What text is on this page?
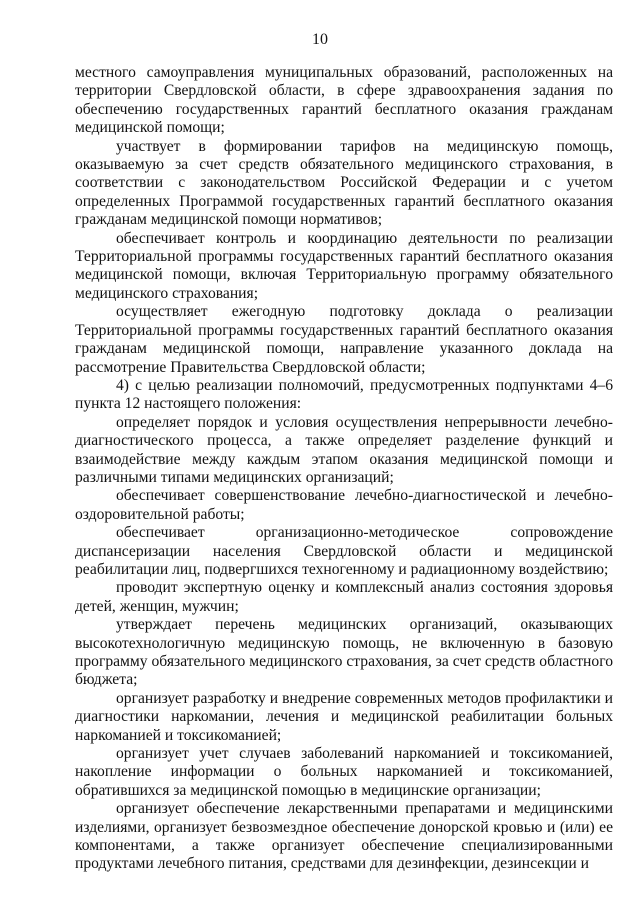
10

местного самоуправления муниципальных образований, расположенных на территории Свердловской области, в сфере здравоохранения задания по обеспечению государственных гарантий бесплатного оказания гражданам медицинской помощи;

участвует в формировании тарифов на медицинскую помощь, оказываемую за счет средств обязательного медицинского страхования, в соответствии с законодательством Российской Федерации и с учетом определенных Программой государственных гарантий бесплатного оказания гражданам медицинской помощи нормативов;

обеспечивает контроль и координацию деятельности по реализации Территориальной программы государственных гарантий бесплатного оказания медицинской помощи, включая Территориальную программу обязательного медицинского страхования;

осуществляет ежегодную подготовку доклада о реализации Территориальной программы государственных гарантий бесплатного оказания гражданам медицинской помощи, направление указанного доклада на рассмотрение Правительства Свердловской области;

4) с целью реализации полномочий, предусмотренных подпунктами 4–6 пункта 12 настоящего положения:

определяет порядок и условия осуществления непрерывности лечебно-диагностического процесса, а также определяет разделение функций и взаимодействие между каждым этапом оказания медицинской помощи и различными типами медицинских организаций;

обеспечивает совершенствование лечебно-диагностической и лечебно-оздоровительной работы;

обеспечивает организационно-методическое сопровождение диспансеризации населения Свердловской области и медицинской реабилитации лиц, подвергшихся техногенному и радиационному воздействию;

проводит экспертную оценку и комплексный анализ состояния здоровья детей, женщин, мужчин;

утверждает перечень медицинских организаций, оказывающих высокотехнологичную медицинскую помощь, не включенную в базовую программу обязательного медицинского страхования, за счет средств областного бюджета;

организует разработку и внедрение современных методов профилактики и диагностики наркомании, лечения и медицинской реабилитации больных наркоманией и токсикоманией;

организует учет случаев заболеваний наркоманией и токсикоманией, накопление информации о больных наркоманией и токсикоманией, обратившихся за медицинской помощью в медицинские организации;

организует обеспечение лекарственными препаратами и медицинскими изделиями, организует безвозмездное обеспечение донорской кровью и (или) ее компонентами, а также организует обеспечение специализированными продуктами лечебного питания, средствами для дезинфекции, дезинсекции и
